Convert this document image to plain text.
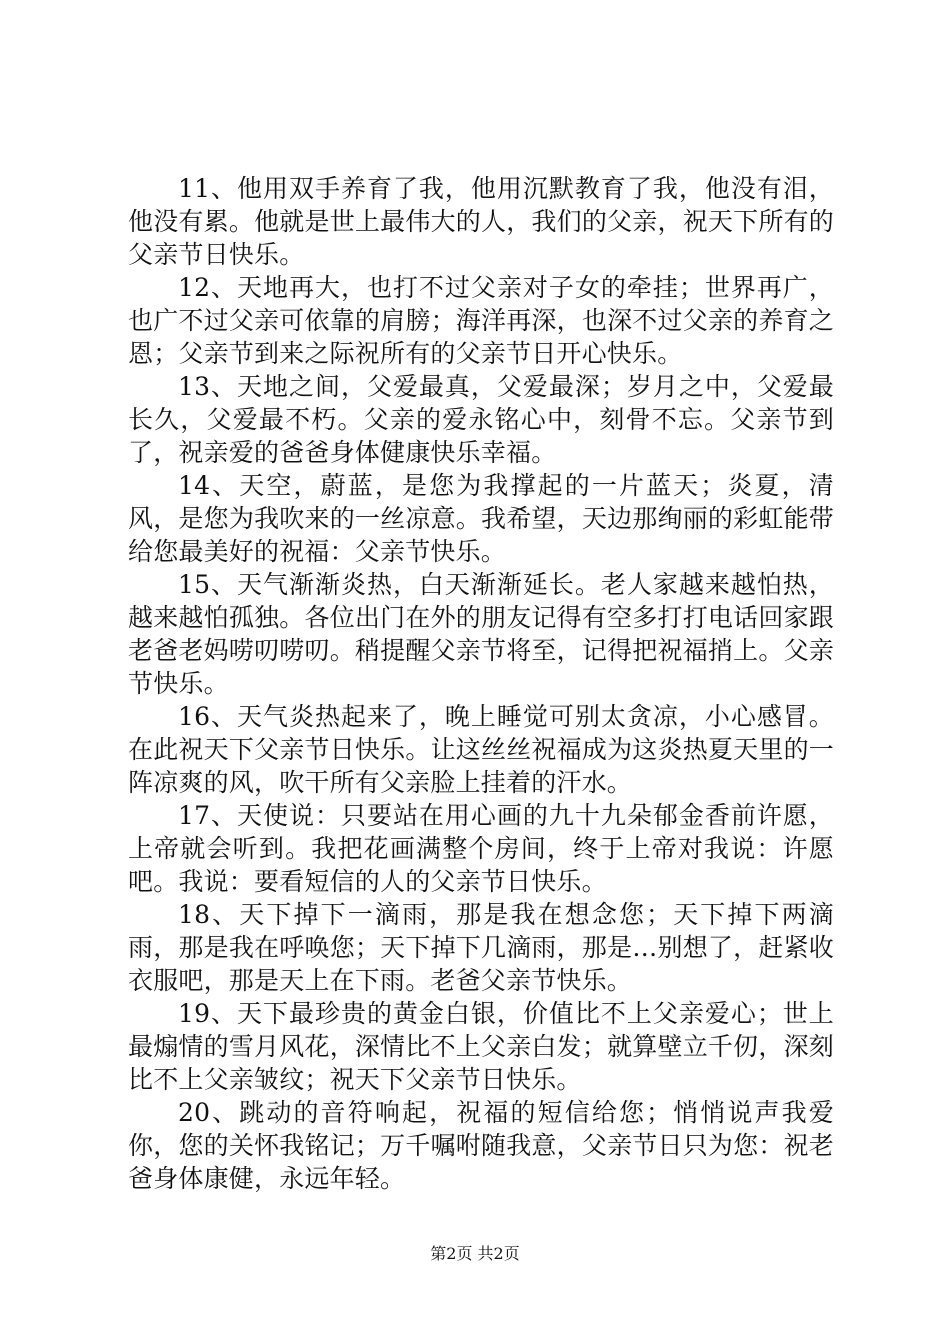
11、他用双手养育了我，他用沉默教育了我，他没有泪，他没有累。他就是世上最伟大的人，我们的父亲，祝天下所有的父亲节日快乐。

12、天地再大，也打不过父亲对子女的牵挂；世界再广，也广不过父亲可依靠的肩膀；海洋再深，也深不过父亲的养育之恩；父亲节到来之际祝所有的父亲节日开心快乐。

13、天地之间，父爱最真，父爱最深；岁月之中，父爱最长久，父爱最不朽。父亲的爱永铭心中，刻骨不忘。父亲节到了，祝亲爱的爸爸身体健康快乐幸福。

14、天空，蔚蓝，是您为我撑起的一片蓝天；炎夏，清风，是您为我吹来的一丝凉意。我希望，天边那绚丽的彩虹能带给您最美好的祝福：父亲节快乐。

15、天气渐渐炎热，白天渐渐延长。老人家越来越怕热，越来越怕孤独。各位出门在外的朋友记得有空多打打电话回家跟老爸老妈唠叨唠叨。稍提醒父亲节将至，记得把祝福捎上。父亲节快乐。

16、天气炎热起来了，晚上睡觉可别太贪凉，小心感冒。在此祝天下父亲节日快乐。让这丝丝祝福成为这炎热夏天里的一阵凉爽的风，吹干所有父亲脸上挂着的汗水。

17、天使说：只要站在用心画的九十九朵郁金香前许愿，上帝就会听到。我把花画满整个房间，终于上帝对我说：许愿吧。我说：要看短信的人的父亲节日快乐。

18、天下掉下一滴雨，那是我在想念您；天下掉下两滴雨，那是我在呼唤您；天下掉下几滴雨，那是…别想了，赶紧收衣服吧，那是天上在下雨。老爸父亲节快乐。

19、天下最珍贵的黄金白银，价值比不上父亲爱心；世上最煽情的雪月风花，深情比不上父亲白发；就算壁立千仞，深刻比不上父亲皱纹；祝天下父亲节日快乐。

20、跳动的音符响起，祝福的短信给您；悄悄说声我爱你，您的关怀我铭记；万千嘱咐随我意，父亲节日只为您：祝老爸身体康健，永远年轻。

第2页 共2页
